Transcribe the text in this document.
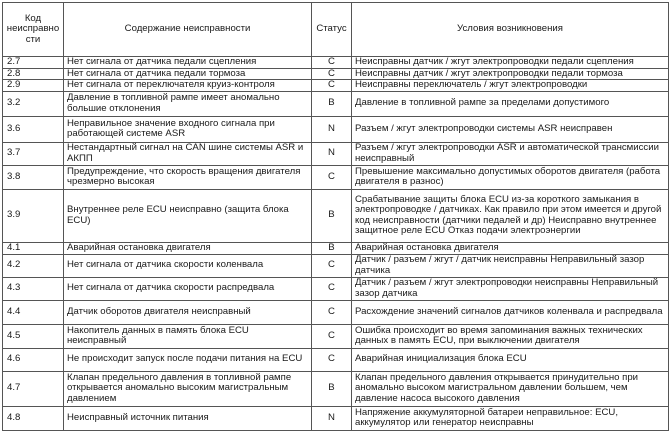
Код неисправности	Содержание неисправности	Статус	Условия возникновения
2.7	Нет сигнала от датчика педали сцепления	C	Неисправны датчик / жгут электропроводки педали сцепления
2.8	Нет сигнала от датчика педали тормоза	C	Неисправны датчик / жгут электропроводки педали тормоза
2.9	Нет сигнала от переключателя круиз-контроля	C	Неисправны переключатель / жгут электропроводки
3.2	Давление в топливной рампе имеет аномально большие отклонения	B	Давление в топливной рампе за пределами допустимого
3.6	Неправильное значение входного сигнала при работающей системе ASR	N	Разъем / жгут электропроводки системы ASR неисправен
3.7	Нестандартный сигнал на CAN шине системы ASR и АКПП	N	Разъем / жгут электропроводки ASR и автоматической трансмиссии неисправный
3.8	Предупреждение, что скорость вращения двигателя чрезмерно высокая	C	Превышение максимально допустимых оборотов двигателя (работа двигателя в разнос)
3.9	Внутреннее реле ECU неисправно (защита блока ECU)	B	Срабатывание защиты блока ECU из-за короткого замыкания в электропроводке / датчиках. Как правило при этом имеется и другой код неисправности (датчики педалей и др) Неисправно внутреннее защитное реле ECU Отказ подачи электроэнергии
4.1	Аварийная остановка двигателя	B	Аварийная остановка двигателя
4.2	Нет сигнала от датчика скорости коленвала	C	Датчик / разъем / жгут / датчик неисправны Неправильный зазор датчика
4.3	Нет сигнала от датчика скорости распредвала	C	Датчик / разъем / жгут электропроводки неисправны Неправильный зазор датчика
4.4	Датчик оборотов двигателя неисправный	C	Расхождение значений сигналов датчиков коленвала и распредвала
4.5	Накопитель данных в память блока ECU неисправный	C	Ошибка происходит во время запоминания важных технических данных в память ECU, при выключении двигателя
4.6	Не происходит запуск после подачи питания на ECU	C	Аварийная инициализация блока ECU
4.7	Клапан предельного давления в топливной рампе открывается аномально высоким магистральным давлением	B	Клапан предельного давления открывается принудительно при аномально высоком магистральном давлении большем, чем давление насоса высокого давления
4.8	Неисправный источник питания	N	Напряжение аккумуляторной батареи неправильное: ECU, аккумулятор или генератор неисправны
